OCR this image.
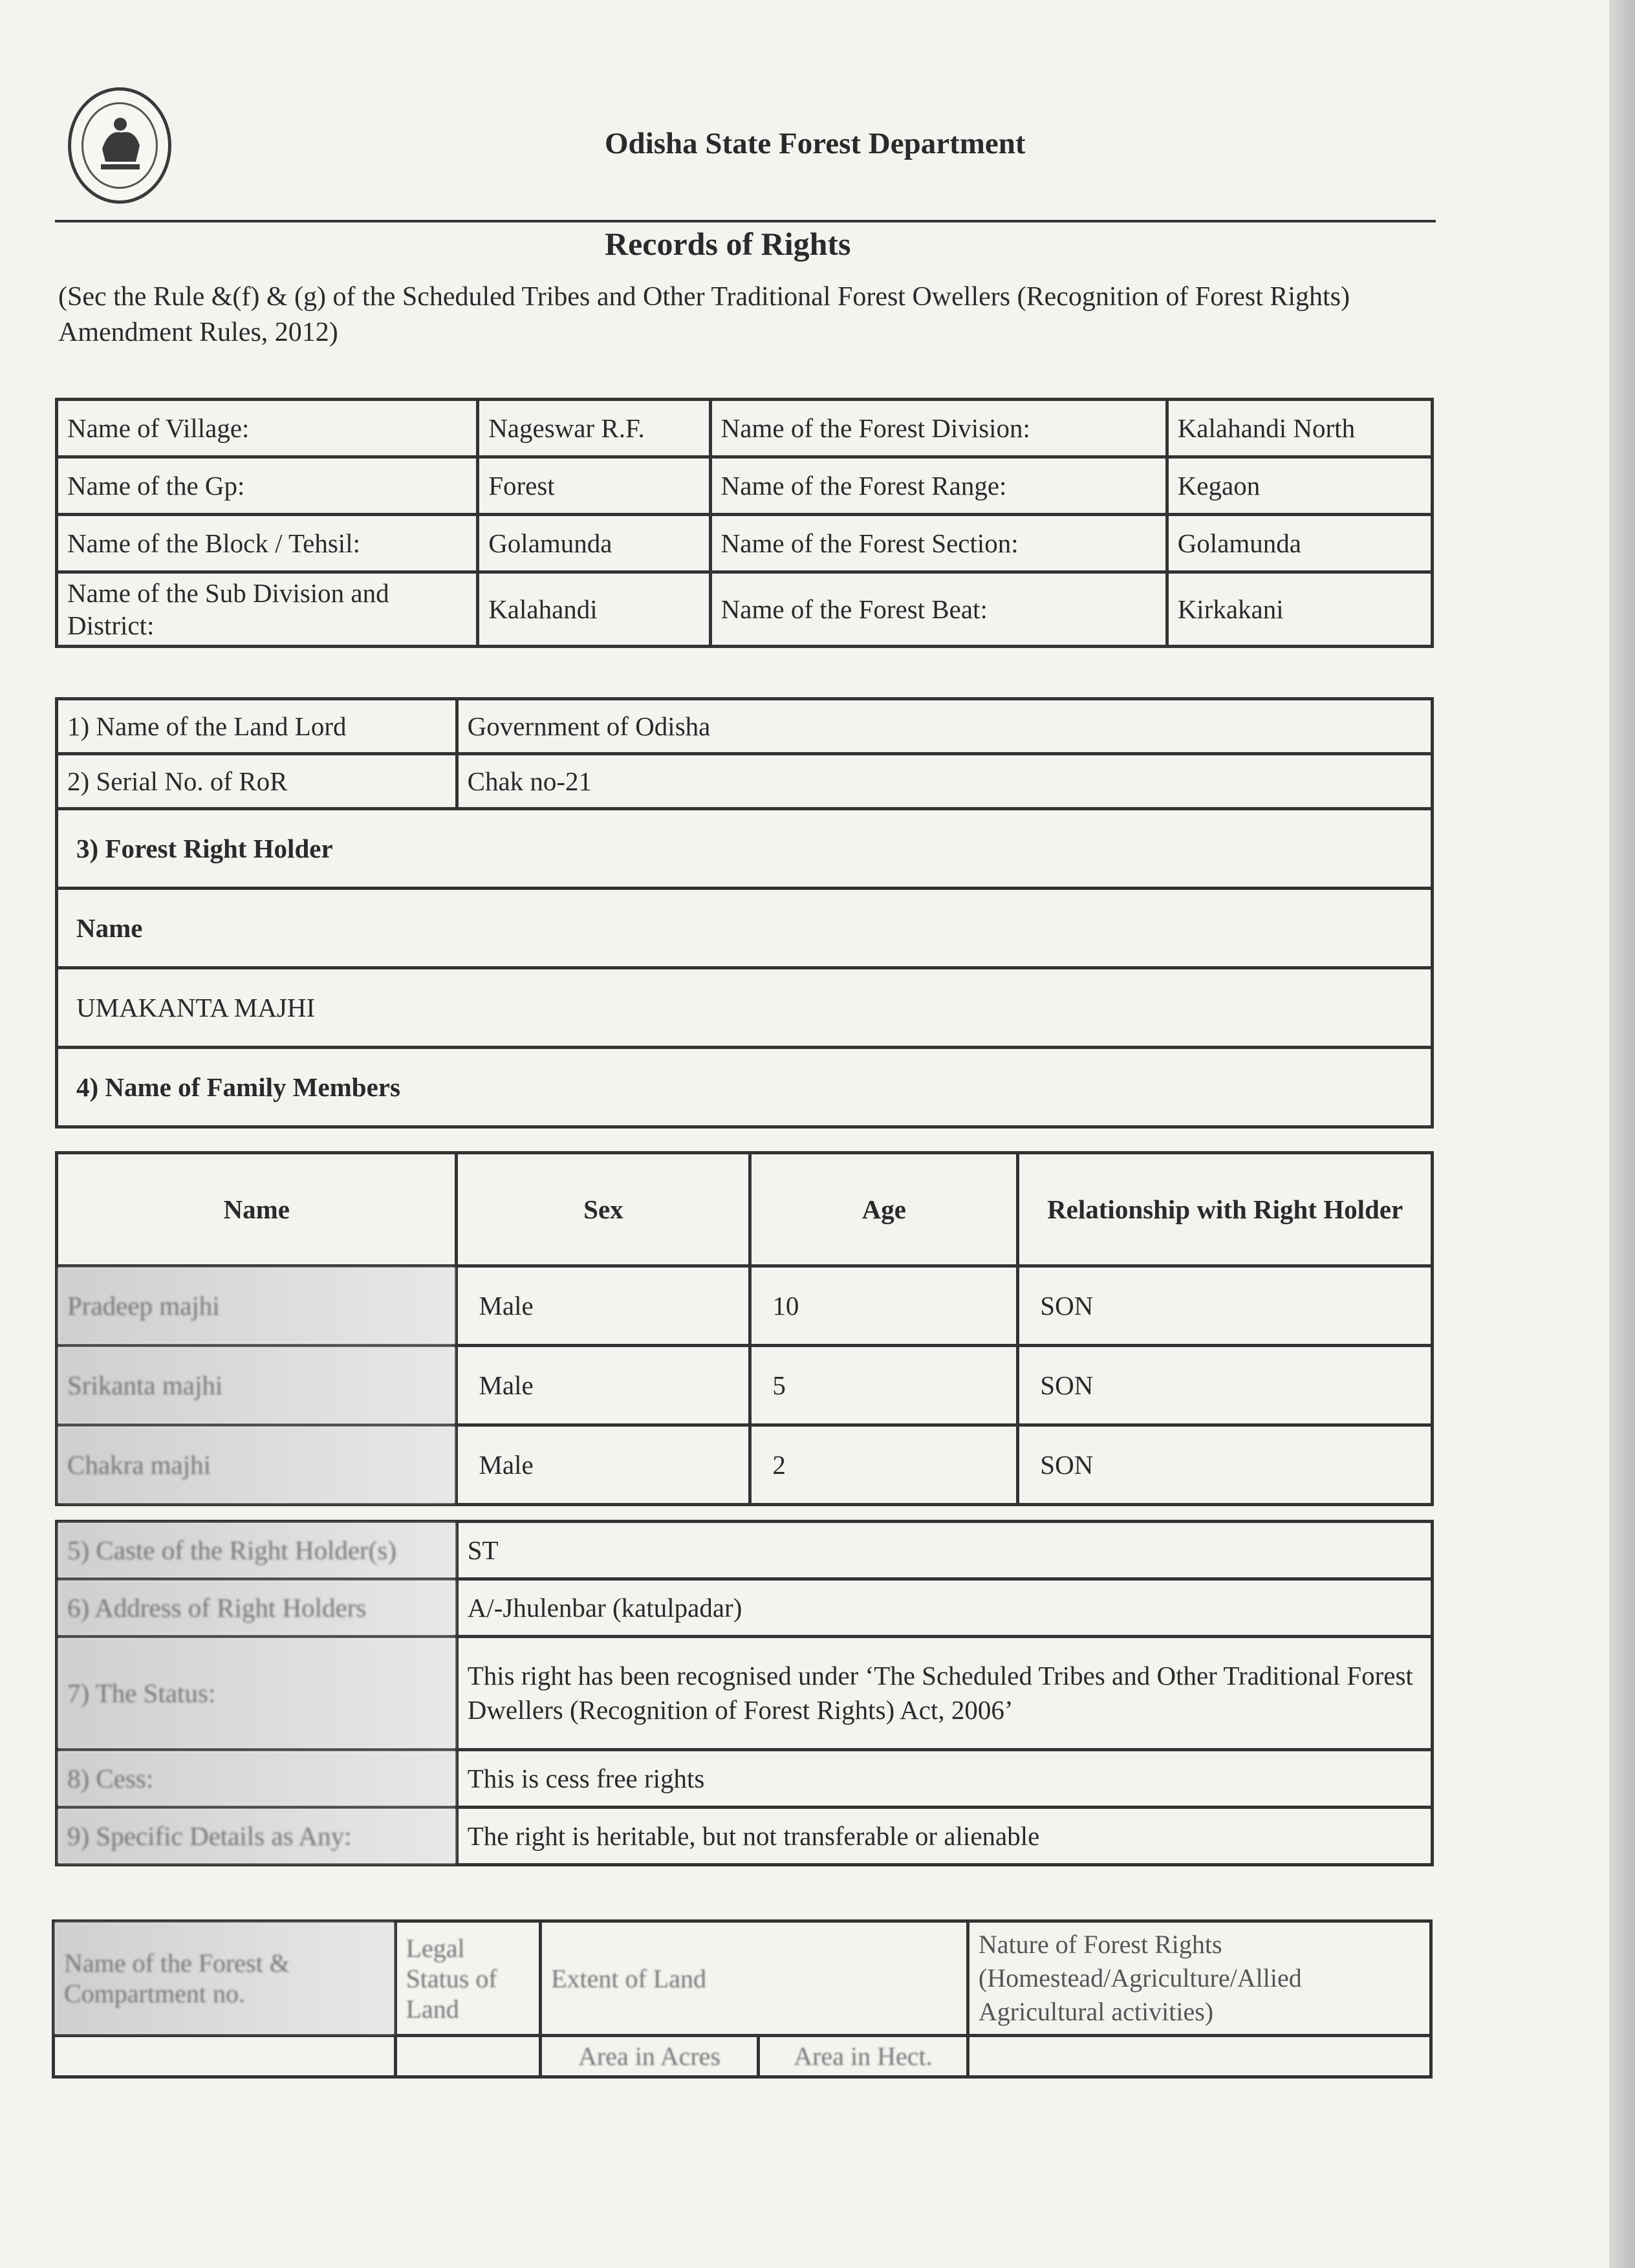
Odisha State Forest Department
Records of Rights
(Sec the Rule &(f) & (g) of the Scheduled Tribes and Other Traditional Forest Owellers (Recognition of Forest Rights) Amendment Rules, 2012)
Name of Village:	Nageswar R.F.	Name of the Forest Division:	Kalahandi North
Name of the Gp:	Forest	Name of the Forest Range:	Kegaon
Name of the Block / Tehsil:	Golamunda	Name of the Forest Section:	Golamunda
Name of the Sub Division and District:	Kalahandi	Name of the Forest Beat:	Kirkakani
1) Name of the Land Lord	Government of Odisha
2) Serial No. of RoR	Chak no-21
3) Forest Right Holder	
Name	
UMAKANTA MAJHI	
4) Name of Family Members	
Name	Sex	Age	Relationship with Right Holder
Pradeep majhi	Male	10	SON
Srikanta majhi	Male	5	SON
Chakra majhi	Male	2	SON
5) Caste of the Right Holder(s)	ST
6) Address of Right Holders	A/-Jhulenbar (katulpadar)
7) The Status:	This right has been recognised under ‘The Scheduled Tribes and Other Traditional Forest Dwellers (Recognition of Forest Rights) Act, 2006’
8) Cess:	This is cess free rights
9) Specific Details as Any:	The right is heritable, but not transferable or alienable
Name of the Forest & Compartment no.	Legal Status of Land	Extent of Land		Nature of Forest Rights (Homestead/Agriculture/Allied Agricultural activities)
		Area in Acres	Area in Hect.	
